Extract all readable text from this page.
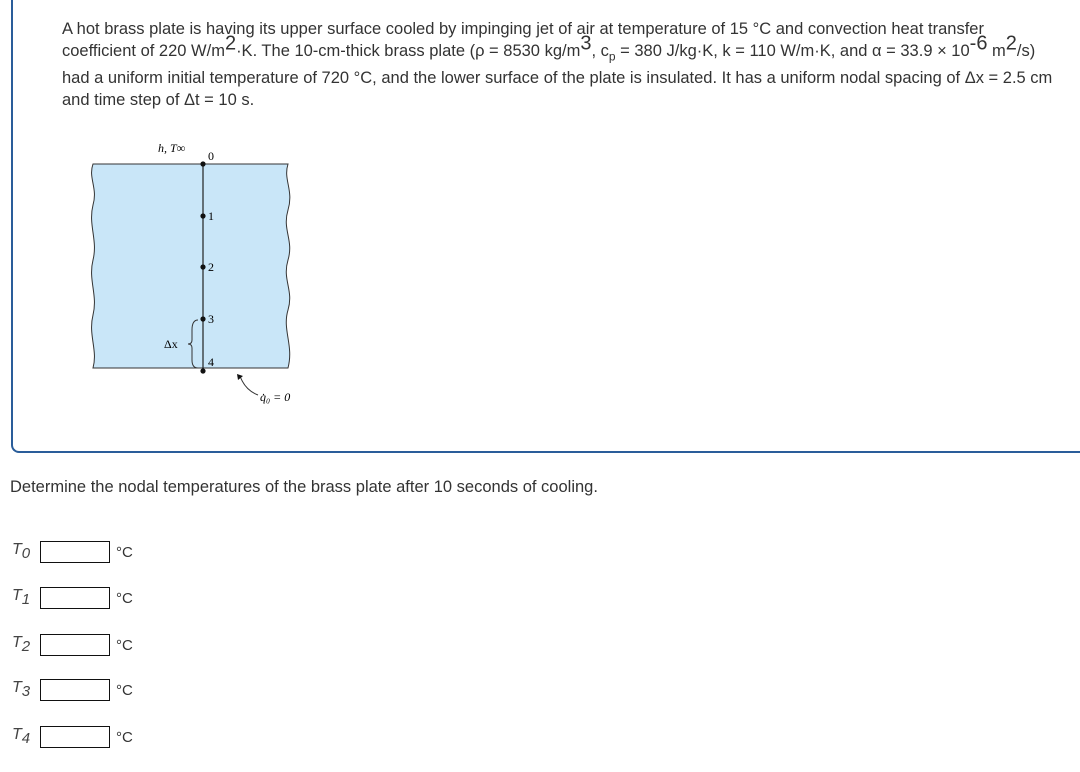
A hot brass plate is having its upper surface cooled by impinging jet of air at temperature of 15 °C and convection heat transfer coefficient of 220 $W/m^2\cdot K$. The 10-cm-thick brass plate (ρ = 8530 $kg/m^3$, $c_p = 380$ J/kg·K, k = 110 W/m·K, and $\alpha = 33.9 \times 10^{-6}$ $m^2/s$) had a uniform initial temperature of 720 °C, and the lower surface of the plate is insulated. It has a uniform nodal spacing of Δx = 2.5 cm and time step of Δt = 10 s.
h, T∞
0
1
2
3
4
Δx
q̇₀ = 0
Determine the nodal temperatures of the brass plate after 10 seconds of cooling.
$T_0$	°C
$T_1$	°C
$T_2$	°C
$T_3$	°C
$T_4$	°C
